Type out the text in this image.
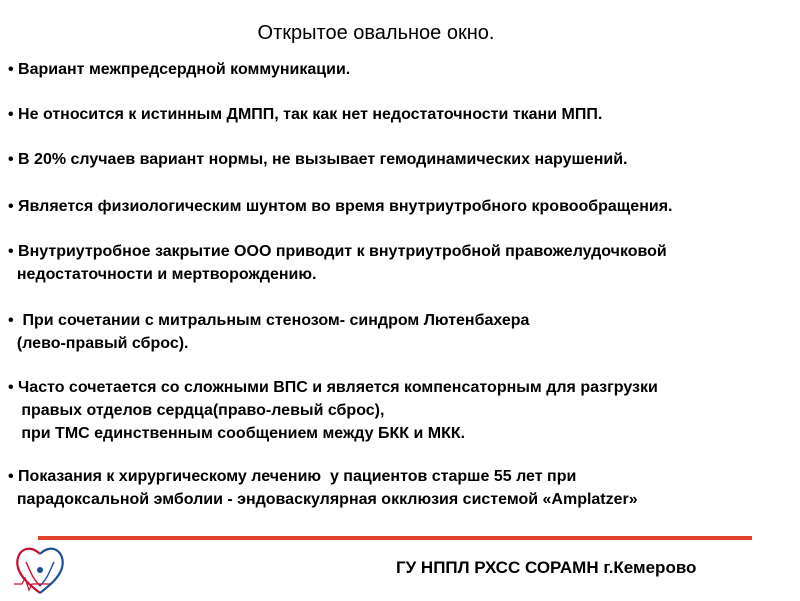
Открытое овальное окно.
• Вариант межпредсердной коммуникации.
• Не относится к истинным ДМПП, так как нет недостаточности ткани МПП.
• В 20% случаев вариант нормы, не вызывает гемодинамических нарушений.
• Является физиологическим шунтом во время внутриутробного кровообращения.
• Внутриутробное закрытие ООО приводит к внутриутробной правожелудочковой
недостаточности и мертворождению.
•  При сочетании с митральным стенозом- синдром Лютенбахера
(лево-правый сброс).
• Часто сочетается со сложными ВПС и является компенсаторным для разгрузки
правых отделов сердца(право-левый сброс),
при ТМС единственным сообщением между БКК и МКК.
• Показания к хирургическому лечению  у пациентов старше 55 лет при
парадоксальной эмболии - эндоваскулярная окклюзия системой «Amplatzer»
ГУ НППЛ РХСС СОРАМН г.Кемерово
